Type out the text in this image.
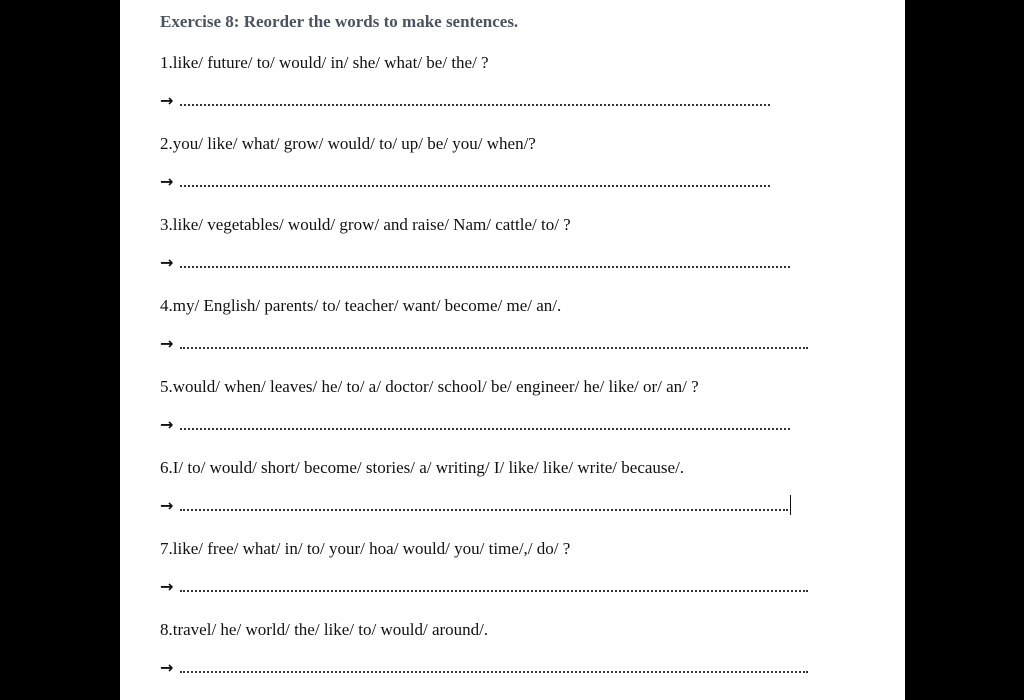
Exercise 8: Reorder the words to make sentences.
1.like/ future/ to/ would/ in/ she/ what/ be/ the/ ?
→
2.you/ like/ what/ grow/ would/ to/ up/ be/ you/ when/?
→
3.like/ vegetables/ would/ grow/ and raise/ Nam/ cattle/ to/ ?
→
4.my/ English/ parents/ to/ teacher/ want/ become/ me/ an/.
→
5.would/ when/ leaves/ he/ to/ a/ doctor/ school/ be/ engineer/ he/ like/ or/ an/ ?
→
6.I/ to/ would/ short/ become/ stories/ a/ writing/ I/ like/ like/ write/ because/.
→
7.like/ free/ what/ in/ to/ your/ hoa/ would/ you/ time/,/ do/ ?
→
8.travel/ he/ world/ the/ like/ to/ would/ around/.
→
